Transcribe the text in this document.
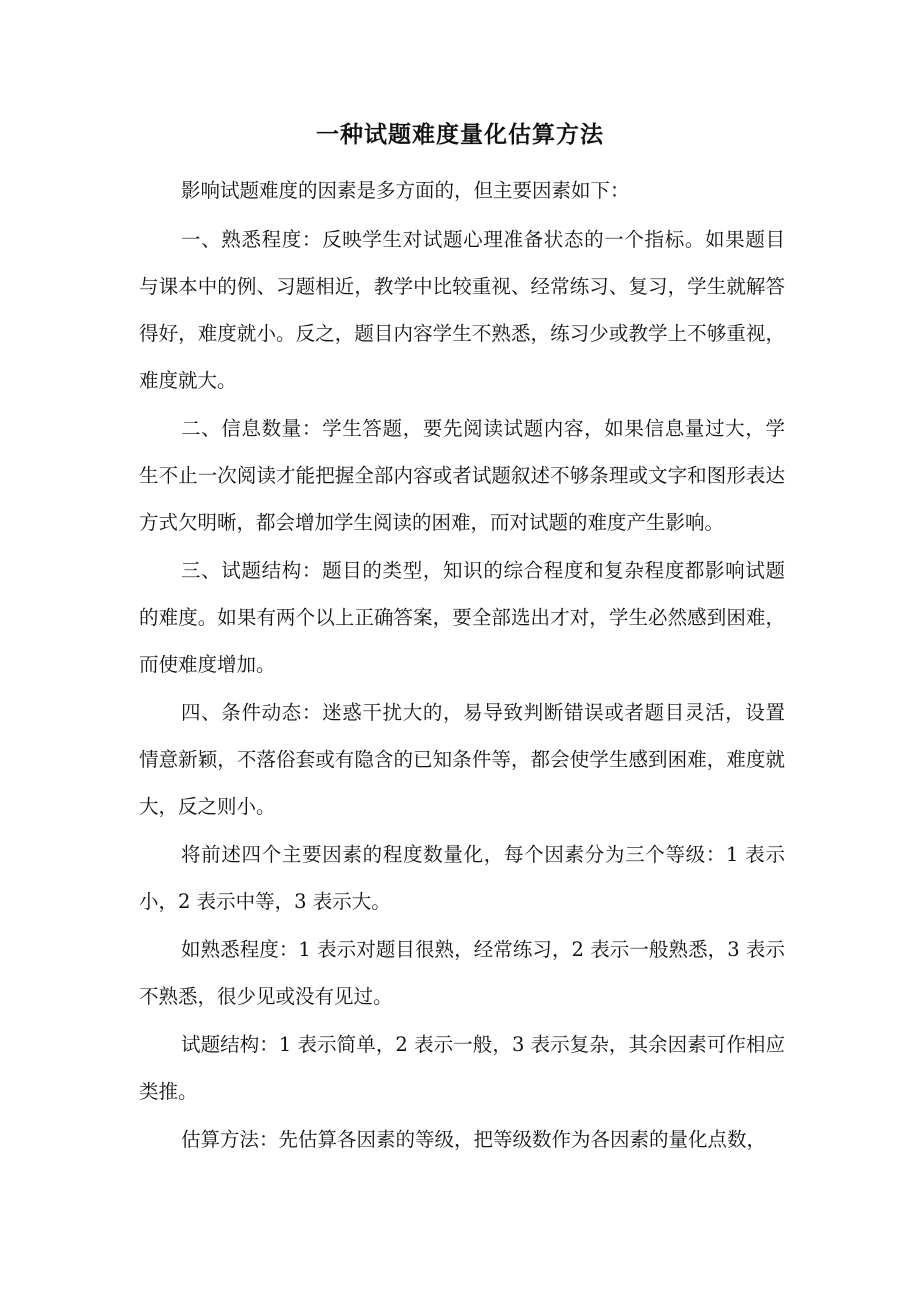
一种试题难度量化估算方法

影响试题难度的因素是多方面的，但主要因素如下：

一、熟悉程度：反映学生对试题心理准备状态的一个指标。如果题目与课本中的例、习题相近，教学中比较重视、经常练习、复习，学生就解答得好，难度就小。反之，题目内容学生不熟悉，练习少或教学上不够重视，难度就大。

二、信息数量：学生答题，要先阅读试题内容，如果信息量过大，学生不止一次阅读才能把握全部内容或者试题叙述不够条理或文字和图形表达方式欠明晰，都会增加学生阅读的困难，而对试题的难度产生影响。

三、试题结构：题目的类型，知识的综合程度和复杂程度都影响试题的难度。如果有两个以上正确答案，要全部选出才对，学生必然感到困难，而使难度增加。

四、条件动态：迷惑干扰大的，易导致判断错误或者题目灵活，设置情意新颖，不落俗套或有隐含的已知条件等，都会使学生感到困难，难度就大，反之则小。

将前述四个主要因素的程度数量化，每个因素分为三个等级：1 表示小，2 表示中等，3 表示大。

如熟悉程度：1 表示对题目很熟，经常练习，2 表示一般熟悉，3 表示不熟悉，很少见或没有见过。

试题结构：1 表示简单，2 表示一般，3 表示复杂，其余因素可作相应类推。

估算方法：先估算各因素的等级，把等级数作为各因素的量化点数，
